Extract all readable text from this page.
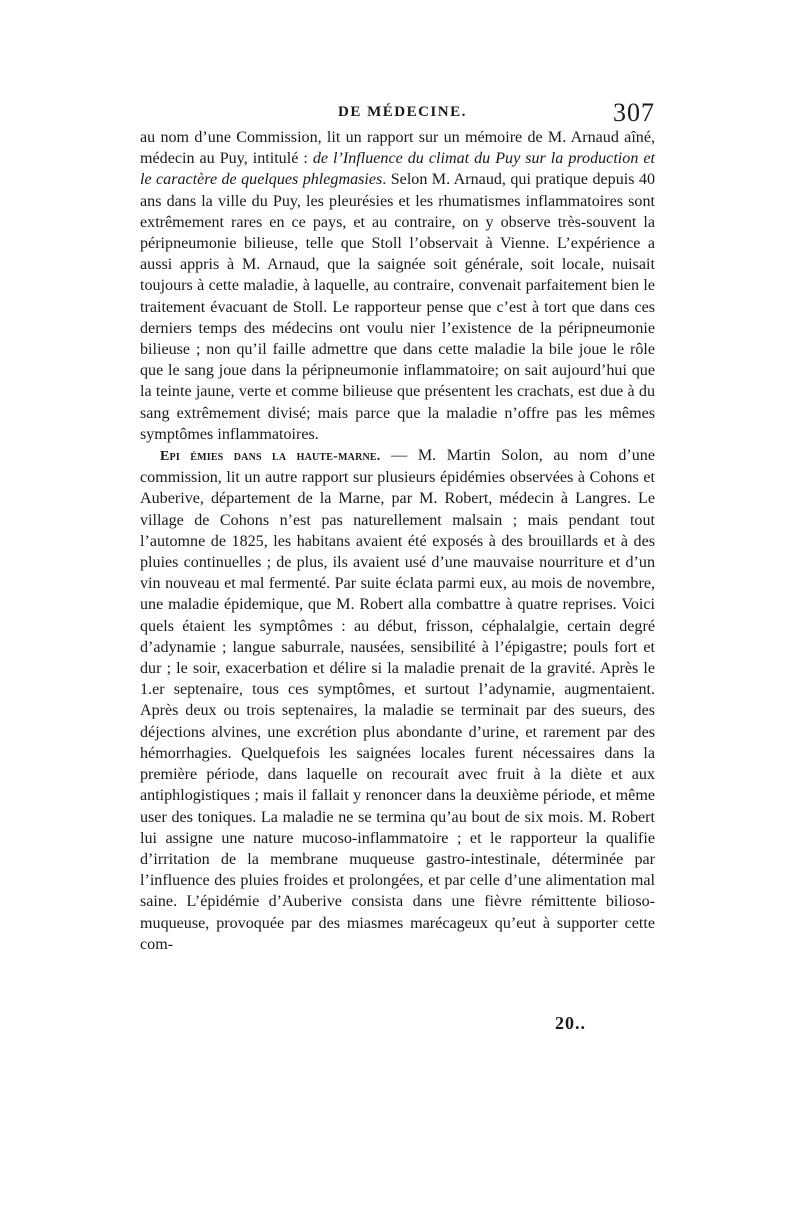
DE MÉDECINE.	307

au nom d’une Commission, lit un rapport sur un mémoire de M. Arnaud aîné, médecin au Puy, intitulé : de l’Influence du climat du Puy sur la production et le caractère de quelques phlegmasies. Selon M. Arnaud, qui pratique depuis 40 ans dans la ville du Puy, les pleurésies et les rhumatismes inflammatoires sont extrêmement rares en ce pays, et au contraire, on y observe très-souvent la péripneumonie bilieuse, telle que Stoll l’observait à Vienne. L’expérience a aussi appris à M. Arnaud, que la saignée soit générale, soit locale, nuisait toujours à cette maladie, à laquelle, au contraire, convenait parfaitement bien le traitement évacuant de Stoll. Le rapporteur pense que c’est à tort que dans ces derniers temps des médecins ont voulu nier l’existence de la péripneumonie bilieuse ; non qu’il faille admettre que dans cette maladie la bile joue le rôle que le sang joue dans la péripneumonie inflammatoire; on sait aujourd’hui que la teinte jaune, verte et comme bilieuse que présentent les crachats, est due à du sang extrêmement divisé; mais parce que la maladie n’offre pas les mêmes symptômes inflammatoires.

Epi émies dans la haute-marne. — M. Martin Solon, au nom d’une commission, lit un autre rapport sur plusieurs épidémies observées à Cohons et Auberive, département de la Marne, par M. Robert, médecin à Langres. Le village de Cohons n’est pas naturellement malsain ; mais pendant tout l’automne de 1825, les habitans avaient été exposés à des brouillards et à des pluies continuelles ; de plus, ils avaient usé d’une mauvaise nourriture et d’un vin nouveau et mal fermenté. Par suite éclata parmi eux, au mois de novembre, une maladie épidemique, que M. Robert alla combattre à quatre reprises. Voici quels étaient les symptômes : au début, frisson, céphalalgie, certain degré d’adynamie ; langue saburrale, nausées, sensibilité à l’épigastre; pouls fort et dur ; le soir, exacerbation et délire si la maladie prenait de la gravité. Après le 1.er septenaire, tous ces symptômes, et surtout l’adynamie, augmentaient. Après deux ou trois septenaires, la maladie se terminait par des sueurs, des déjections alvines, une excrétion plus abondante d’urine, et rarement par des hémorrhagies. Quelquefois les saignées locales furent nécessaires dans la première période, dans laquelle on recourait avec fruit à la diète et aux antiphlogistiques ; mais il fallait y renoncer dans la deuxième période, et même user des toniques. La maladie ne se termina qu’au bout de six mois. M. Robert lui assigne une nature mucoso-inflammatoire ; et le rapporteur la qualifie d’irritation de la membrane muqueuse gastro-intestinale, déterminée par l’influence des pluies froides et prolongées, et par celle d’une alimentation mal saine. L’épidémie d’Auberive consista dans une fièvre rémittente bilioso-muqueuse, provoquée par des miasmes marécageux qu’eut à supporter cette com-

20..
